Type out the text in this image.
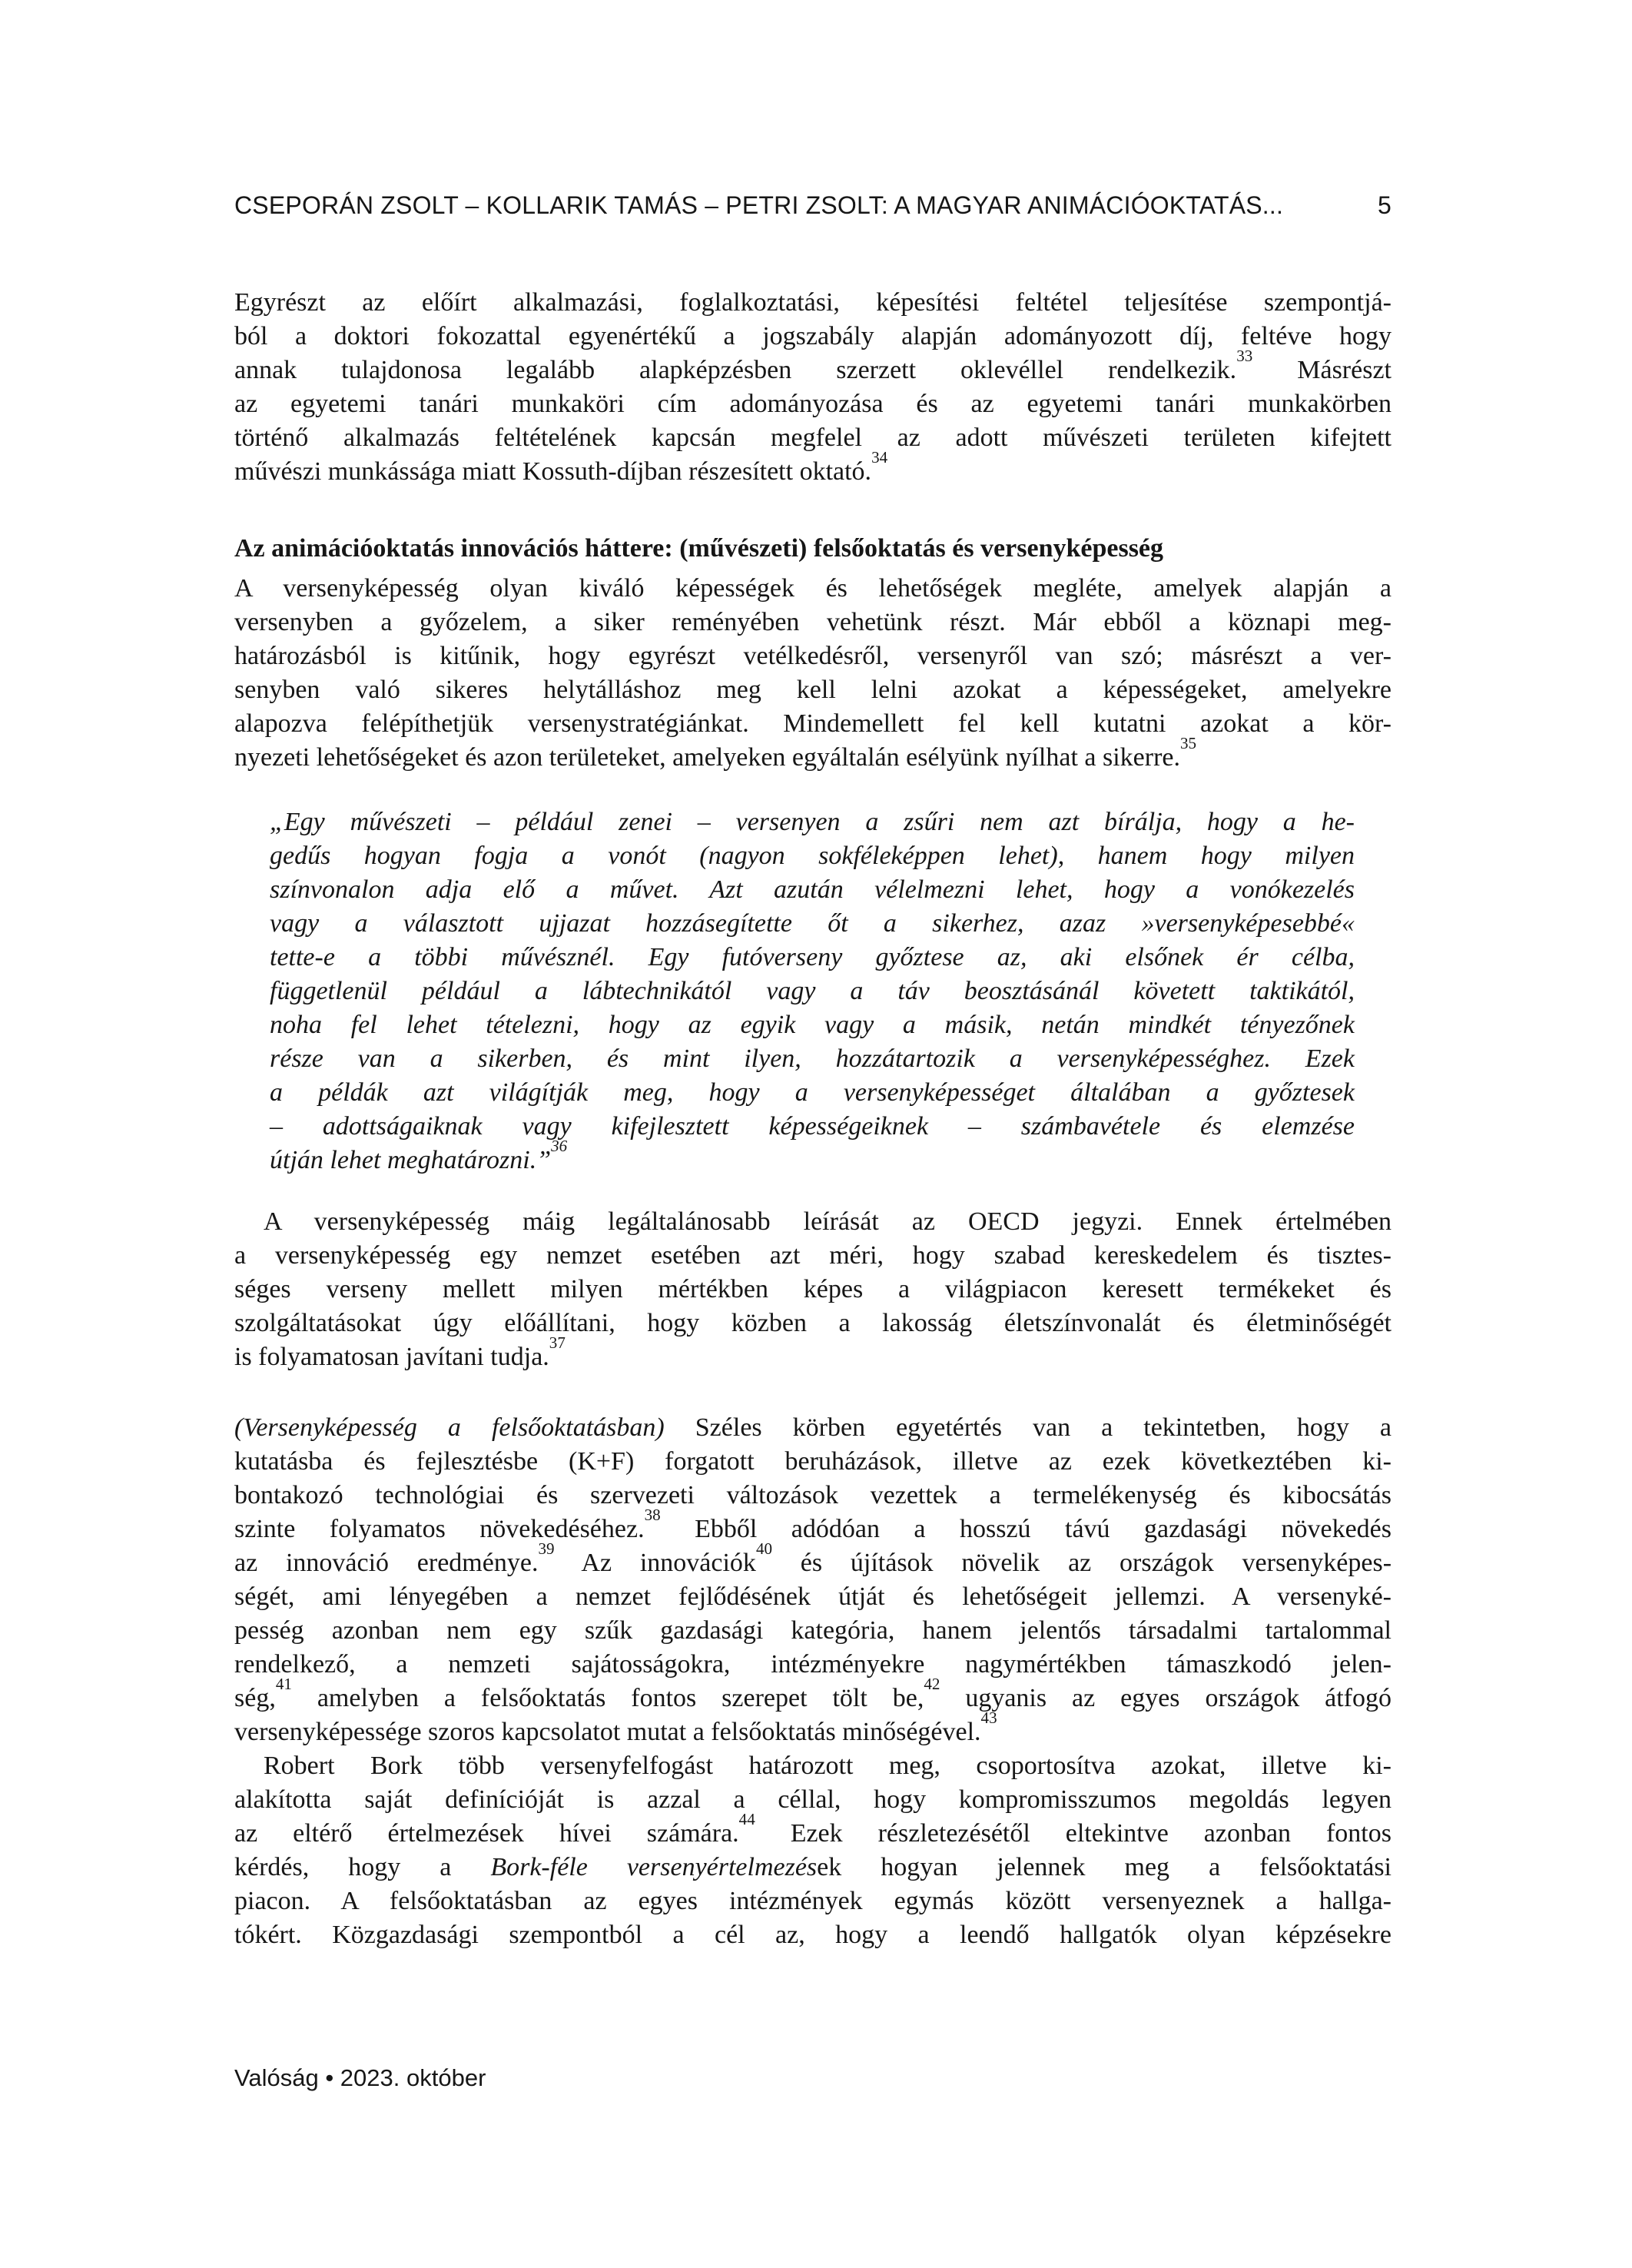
CSEPORÁN ZSOLT – KOLLARIK TAMÁS – PETRI ZSOLT: A MAGYAR ANIMÁCIÓOKTATÁS...	5
Egyrészt az előírt alkalmazási, foglalkoztatási, képesítési feltétel teljesítése szempontjá-
ból a doktori fokozattal egyenértékű a jogszabály alapján adományozott díj, feltéve hogy
annak tulajdonosa legalább alapképzésben szerzett oklevéllel rendelkezik.$^{33}$ Másrészt
az egyetemi tanári munkaköri cím adományozása és az egyetemi tanári munkakörben
történő alkalmazás feltételének kapcsán megfelel az adott művészeti területen kifejtett
művészi munkássága miatt Kossuth-díjban részesített oktató.$^{34}$
Az animációoktatás innovációs háttere: (művészeti) felsőoktatás és versenyképesség
A versenyképesség olyan kiváló képességek és lehetőségek megléte, amelyek alapján a
versenyben a győzelem, a siker reményében vehetünk részt. Már ebből a köznapi meg-
határozásból is kitűnik, hogy egyrészt vetélkedésről, versenyről van szó; másrészt a ver-
senyben való sikeres helytálláshoz meg kell lelni azokat a képességeket, amelyekre
alapozva felépíthetjük versenystratégiánkat. Mindemellett fel kell kutatni azokat a kör-
nyezeti lehetőségeket és azon területeket, amelyeken egyáltalán esélyünk nyílhat a sikerre.$^{35}$
„Egy művészeti – például zenei – versenyen a zsűri nem azt bírálja, hogy a he-
gedűs hogyan fogja a vonót (nagyon sokféleképpen lehet), hanem hogy milyen
színvonalon adja elő a művet. Azt azután vélelmezni lehet, hogy a vonókezelés
vagy a választott ujjazat hozzásegítette őt a sikerhez, azaz »versenyképesebbé«
tette-e a többi művésznél. Egy futóverseny győztese az, aki elsőnek ér célba,
függetlenül például a lábtechnikától vagy a táv beosztásánál követett taktikától,
noha fel lehet tételezni, hogy az egyik vagy a másik, netán mindkét tényezőnek
része van a sikerben, és mint ilyen, hozzátartozik a versenyképességhez. Ezek
a példák azt világítják meg, hogy a versenyképességet általában a győztesek
– adottságaiknak vagy kifejlesztett képességeiknek – számbavétele és elemzése
útján lehet meghatározni.”$^{36}$
A versenyképesség máig legáltalánosabb leírását az OECD jegyzi. Ennek értelmében
a versenyképesség egy nemzet esetében azt méri, hogy szabad kereskedelem és tisztes-
séges verseny mellett milyen mértékben képes a világpiacon keresett termékeket és
szolgáltatásokat úgy előállítani, hogy közben a lakosság életszínvonalát és életminőségét
is folyamatosan javítani tudja.$^{37}$
(Versenyképesség a felsőoktatásban) Széles körben egyetértés van a tekintetben, hogy a
kutatásba és fejlesztésbe (K+F) forgatott beruházások, illetve az ezek következtében ki-
bontakozó technológiai és szervezeti változások vezettek a termelékenység és kibocsátás
szinte folyamatos növekedéséhez.$^{38}$ Ebből adódóan a hosszú távú gazdasági növekedés
az innováció eredménye.$^{39}$ Az innovációk$^{40}$ és újítások növelik az országok versenyképes-
ségét, ami lényegében a nemzet fejlődésének útját és lehetőségeit jellemzi. A versenyké-
pesség azonban nem egy szűk gazdasági kategória, hanem jelentős társadalmi tartalommal
rendelkező, a nemzeti sajátosságokra, intézményekre nagymértékben támaszkodó jelen-
ség,$^{41}$ amelyben a felsőoktatás fontos szerepet tölt be,$^{42}$ ugyanis az egyes országok átfogó
versenyképessége szoros kapcsolatot mutat a felsőoktatás minőségével.$^{43}$
Robert Bork több versenyfelfogást határozott meg, csoportosítva azokat, illetve ki-
alakította saját definícióját is azzal a céllal, hogy kompromisszumos megoldás legyen
az eltérő értelmezések hívei számára.$^{44}$ Ezek részletezésétől eltekintve azonban fontos
kérdés, hogy a Bork-féle versenyértelmezések hogyan jelennek meg a felsőoktatási
piacon. A felsőoktatásban az egyes intézmények egymás között versenyeznek a hallga-
tókért. Közgazdasági szempontból a cél az, hogy a leendő hallgatók olyan képzésekre
Valóság • 2023. október
